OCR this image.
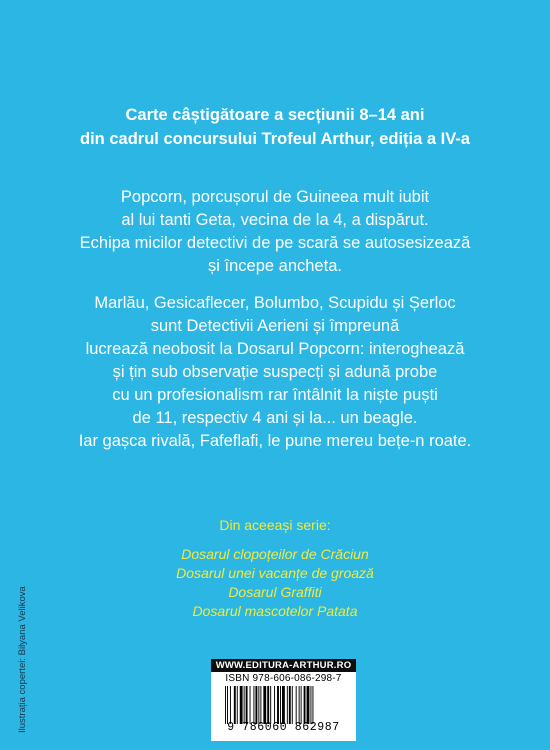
Carte câștigătoare a secțiunii 8–14 ani
din cadrul concursului Trofeul Arthur, ediția a IV-a

Popcorn, porcușorul de Guineea mult iubit

al lui tanti Geta, vecina de la 4, a dispărut.

Echipa micilor detectivi de pe scară se autosesizează

și începe ancheta.

Marlău, Gesicaflecer, Bolumbo, Scupidu și Șerloc

sunt Detectivii Aerieni și împreună

lucrează neobosit la Dosarul Popcorn: interoghează

și țin sub observație suspecți și adună probe

cu un profesionalism rar întâlnit la niște puști

de 11, respectiv 4 ani și la... un beagle.

Iar gașca rivală, Fafeflafi, le pune mereu bețe-n roate.

Din aceeași serie:
Dosarul clopoțeilor de Crăciun
Dosarul unei vacanțe de groază
Dosarul Graffiti
Dosarul mascotelor Patata
Ilustrația copertei: Bilyana Velikova	WWW.EDITURA-ARTHUR.RO
ISBN 978-606-086-298-7
9 786060 862987
